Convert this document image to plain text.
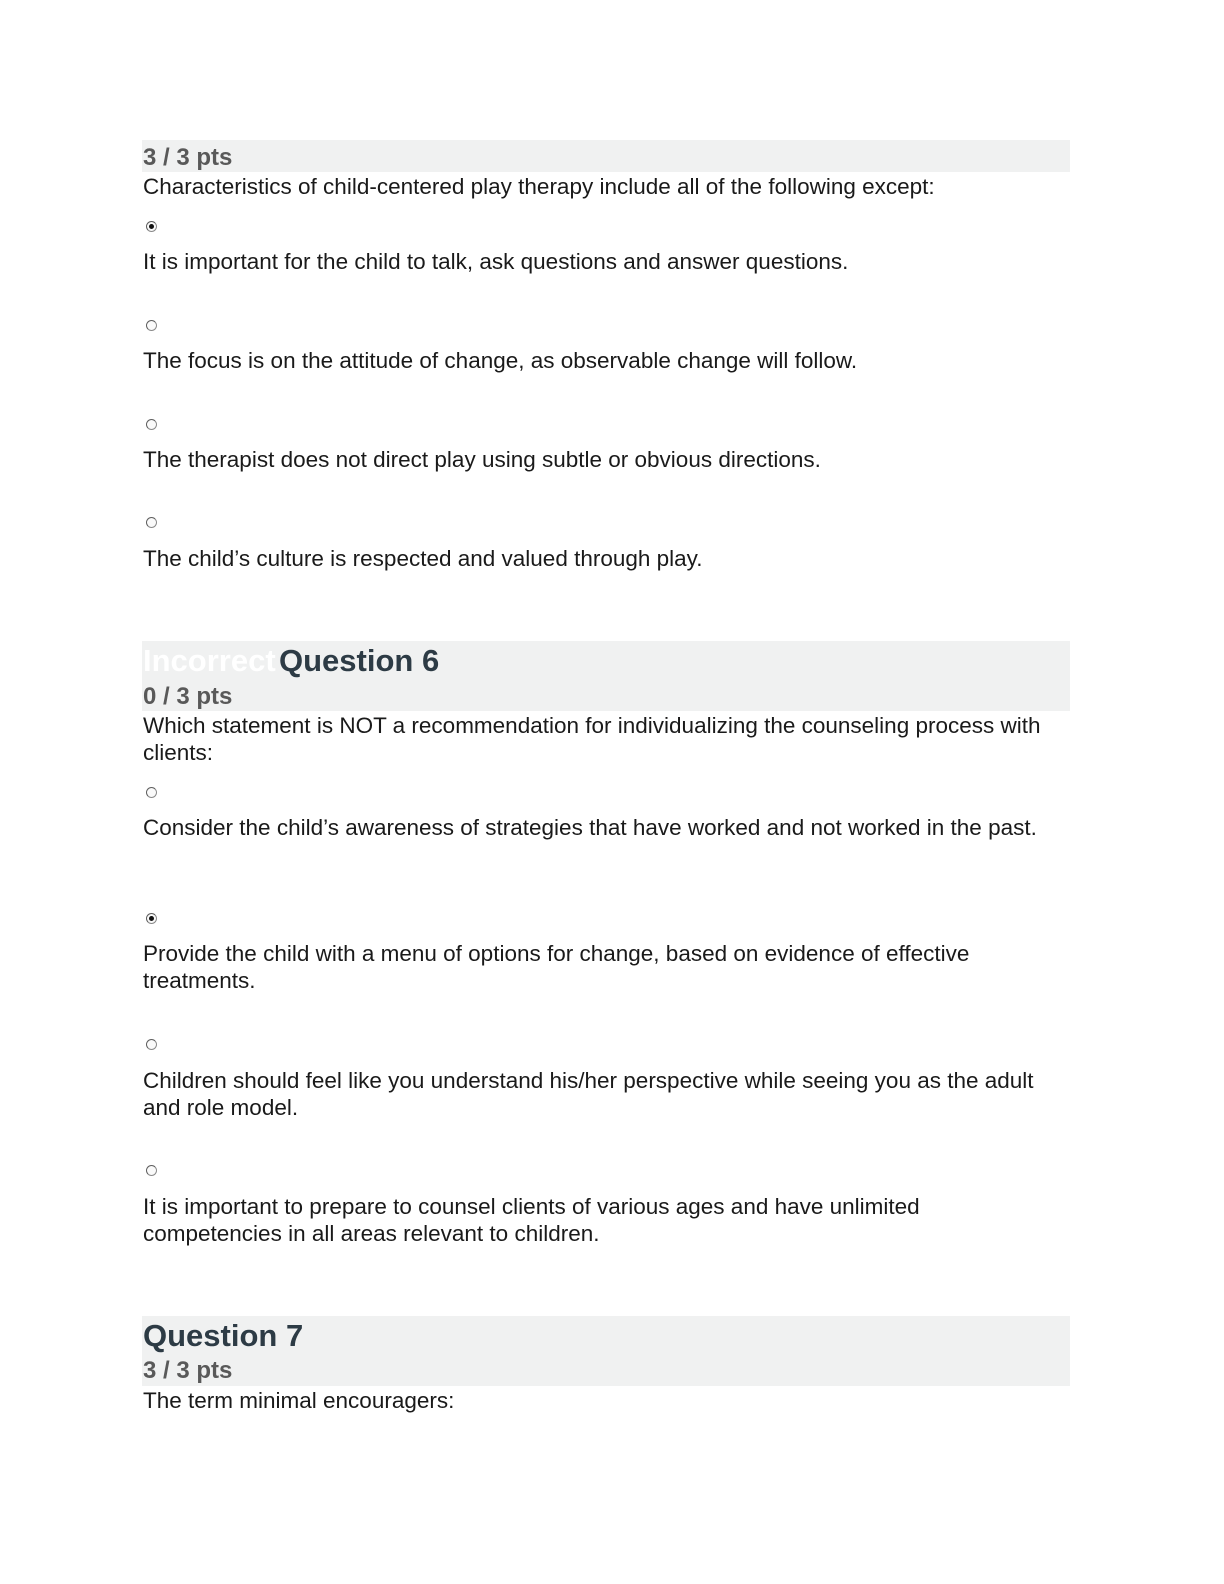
3 / 3 pts
Characteristics of child-centered play therapy include all of the following except:
It is important for the child to talk, ask questions and answer questions.
The focus is on the attitude of change, as observable change will follow.
The therapist does not direct play using subtle or obvious directions.
The child’s culture is respected and valued through play.
Incorrect Question 6
0 / 3 pts
Which statement is NOT a recommendation for individualizing the counseling process with clients:
Consider the child’s awareness of strategies that have worked and not worked in the past.
Provide the child with a menu of options for change, based on evidence of effective treatments.
Children should feel like you understand his/her perspective while seeing you as the adult and role model.
It is important to prepare to counsel clients of various ages and have unlimited competencies in all areas relevant to children.
Question 7
3 / 3 pts
The term minimal encouragers:
